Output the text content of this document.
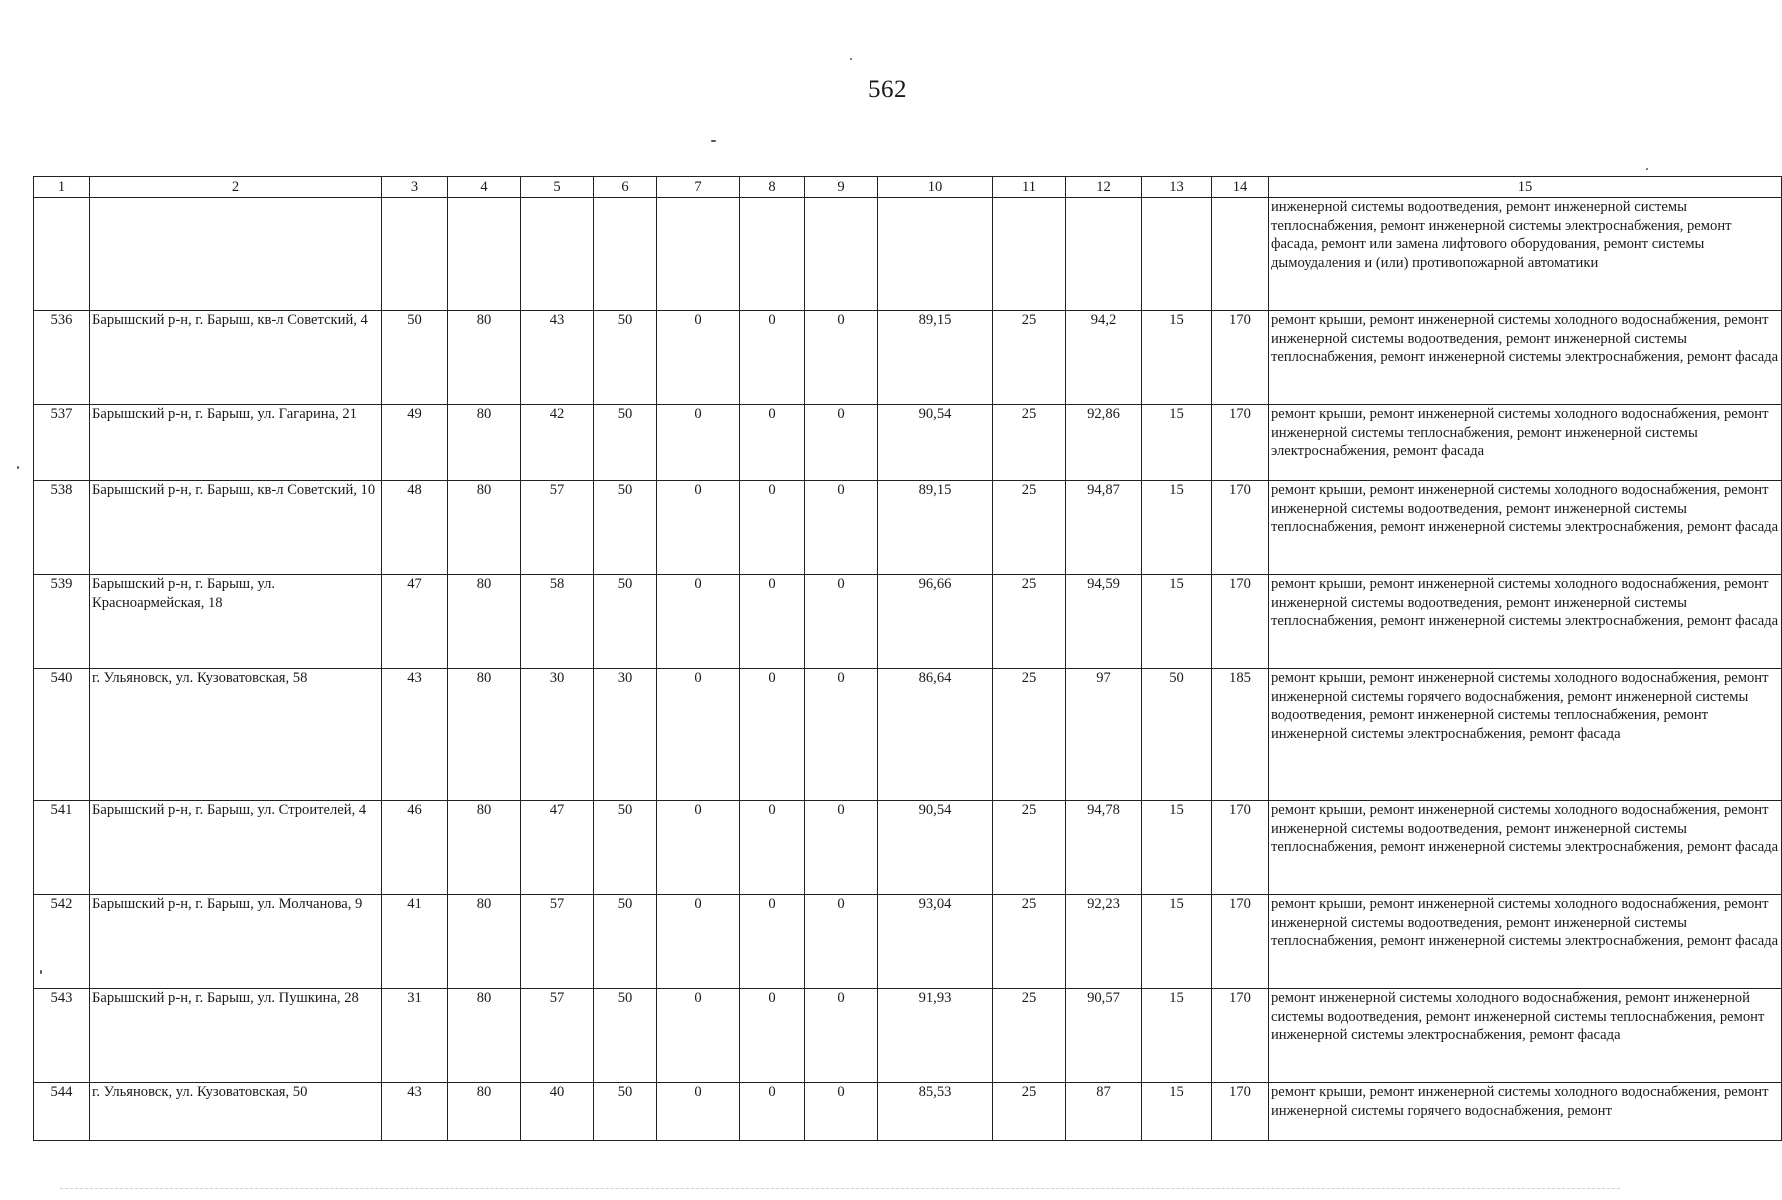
562
1	2	3	4	5	6	7	8	9	10	11	12	13	14	15
														инженерной системы водоотведения, ремонт инженерной системы теплоснабжения, ремонт инженерной системы электроснабжения, ремонт фасада, ремонт или замена лифтового оборудования, ремонт системы дымоудаления и (или) противопожарной автоматики
536	Барышский р-н, г. Барыш, кв-л Советский, 4	50	80	43	50	0	0	0	89,15	25	94,2	15	170	ремонт крыши, ремонт инженерной системы холодного водоснабжения, ремонт инженерной системы водоотведения, ремонт инженерной системы теплоснабжения, ремонт инженерной системы электроснабжения, ремонт фасада
537	Барышский р-н, г. Барыш, ул. Гагарина, 21	49	80	42	50	0	0	0	90,54	25	92,86	15	170	ремонт крыши, ремонт инженерной системы холодного водоснабжения, ремонт инженерной системы теплоснабжения, ремонт инженерной системы электроснабжения, ремонт фасада
538	Барышский р-н, г. Барыш, кв-л Советский, 10	48	80	57	50	0	0	0	89,15	25	94,87	15	170	ремонт крыши, ремонт инженерной системы холодного водоснабжения, ремонт инженерной системы водоотведения, ремонт инженерной системы теплоснабжения, ремонт инженерной системы электроснабжения, ремонт фасада
539	Барышский р-н, г. Барыш, ул. Красноармейская, 18	47	80	58	50	0	0	0	96,66	25	94,59	15	170	ремонт крыши, ремонт инженерной системы холодного водоснабжения, ремонт инженерной системы водоотведения, ремонт инженерной системы теплоснабжения, ремонт инженерной системы электроснабжения, ремонт фасада
540	г. Ульяновск, ул. Кузоватовская, 58	43	80	30	30	0	0	0	86,64	25	97	50	185	ремонт крыши, ремонт инженерной системы холодного водоснабжения, ремонт инженерной системы горячего водоснабжения, ремонт инженерной системы водоотведения, ремонт инженерной системы теплоснабжения, ремонт инженерной системы электроснабжения, ремонт фасада
541	Барышский р-н, г. Барыш, ул. Строителей, 4	46	80	47	50	0	0	0	90,54	25	94,78	15	170	ремонт крыши, ремонт инженерной системы холодного водоснабжения, ремонт инженерной системы водоотведения, ремонт инженерной системы теплоснабжения, ремонт инженерной системы электроснабжения, ремонт фасада
542	Барышский р-н, г. Барыш, ул. Молчанова, 9	41	80	57	50	0	0	0	93,04	25	92,23	15	170	ремонт крыши, ремонт инженерной системы холодного водоснабжения, ремонт инженерной системы водоотведения, ремонт инженерной системы теплоснабжения, ремонт инженерной системы электроснабжения, ремонт фасада
543	Барышский р-н, г. Барыш, ул. Пушкина, 28	31	80	57	50	0	0	0	91,93	25	90,57	15	170	ремонт инженерной системы холодного водоснабжения, ремонт инженерной системы водоотведения, ремонт инженерной системы теплоснабжения, ремонт инженерной системы электроснабжения, ремонт фасада
544	г. Ульяновск, ул. Кузоватовская, 50	43	80	40	50	0	0	0	85,53	25	87	15	170	ремонт крыши, ремонт инженерной системы холодного водоснабжения, ремонт инженерной системы горячего водоснабжения, ремонт
